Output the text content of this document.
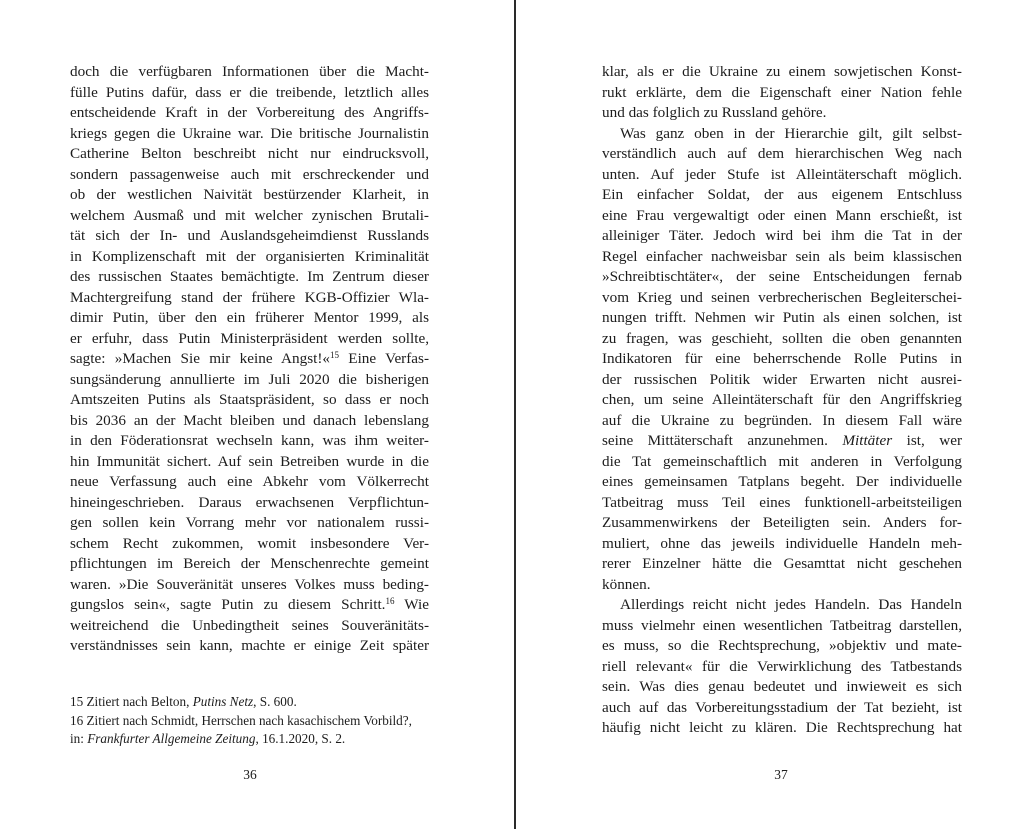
doch die verfügbaren Informationen über die Macht-
fülle Putins dafür, dass er die treibende, letztlich alles
entscheidende Kraft in der Vorbereitung des Angriffs-
kriegs gegen die Ukraine war. Die britische Journalistin
Catherine Belton beschreibt nicht nur eindrucksvoll,
sondern passagenweise auch mit erschreckender und
ob der westlichen Naivität bestürzender Klarheit, in
welchem Ausmaß und mit welcher zynischen Brutali-
tät sich der In- und Auslandsgeheimdienst Russlands
in Komplizenschaft mit der organisierten Kriminalität
des russischen Staates bemächtigte. Im Zentrum dieser
Machtergreifung stand der frühere KGB-Offizier Wla-
dimir Putin, über den ein früherer Mentor 1999, als
er erfuhr, dass Putin Ministerpräsident werden sollte,
sagte: »Machen Sie mir keine Angst!«$^{15}$ Eine Verfas-
sungsänderung annullierte im Juli 2020 die bisherigen
Amtszeiten Putins als Staatspräsident, so dass er noch
bis 2036 an der Macht bleiben und danach lebenslang
in den Föderationsrat wechseln kann, was ihm weiter-
hin Immunität sichert. Auf sein Betreiben wurde in die
neue Verfassung auch eine Abkehr vom Völkerrecht
hineingeschrieben. Daraus erwachsenen Verpflichtun-
gen sollen kein Vorrang mehr vor nationalem russi-
schem Recht zukommen, womit insbesondere Ver-
pflichtungen im Bereich der Menschenrechte gemeint
waren. »Die Souveränität unseres Volkes muss beding-
gungslos sein«, sagte Putin zu diesem Schritt.$^{16}$ Wie
weitreichend die Unbedingtheit seines Souveränitäts-
verständnisses sein kann, machte er einige Zeit später
15 Zitiert nach Belton, Putins Netz, S. 600.
16 Zitiert nach Schmidt, Herrschen nach kasachischem Vorbild?,
in: Frankfurter Allgemeine Zeitung, 16.1.2020, S. 2.
36
klar, als er die Ukraine zu einem sowjetischen Konst-
rukt erklärte, dem die Eigenschaft einer Nation fehle
und das folglich zu Russland gehöre.
Was ganz oben in der Hierarchie gilt, gilt selbst-
verständlich auch auf dem hierarchischen Weg nach
unten. Auf jeder Stufe ist Alleintäterschaft möglich.
Ein einfacher Soldat, der aus eigenem Entschluss
eine Frau vergewaltigt oder einen Mann erschießt, ist
alleiniger Täter. Jedoch wird bei ihm die Tat in der
Regel einfacher nachweisbar sein als beim klassischen
»Schreibtischtäter«, der seine Entscheidungen fernab
vom Krieg und seinen verbrecherischen Begleiterschei-
nungen trifft. Nehmen wir Putin als einen solchen, ist
zu fragen, was geschieht, sollten die oben genannten
Indikatoren für eine beherrschende Rolle Putins in
der russischen Politik wider Erwarten nicht ausrei-
chen, um seine Alleintäterschaft für den Angriffskrieg
auf die Ukraine zu begründen. In diesem Fall wäre
seine Mittäterschaft anzunehmen. Mittäter ist, wer
die Tat gemeinschaftlich mit anderen in Verfolgung
eines gemeinsamen Tatplans begeht. Der individuelle
Tatbeitrag muss Teil eines funktionell-arbeitsteiligen
Zusammenwirkens der Beteiligten sein. Anders for-
muliert, ohne das jeweils individuelle Handeln meh-
rerer Einzelner hätte die Gesamttat nicht geschehen
können.
Allerdings reicht nicht jedes Handeln. Das Handeln
muss vielmehr einen wesentlichen Tatbeitrag darstellen,
es muss, so die Rechtsprechung, »objektiv und mate-
riell relevant« für die Verwirklichung des Tatbestands
sein. Was dies genau bedeutet und inwieweit es sich
auch auf das Vorbereitungsstadium der Tat bezieht, ist
häufig nicht leicht zu klären. Die Rechtsprechung hat
37
